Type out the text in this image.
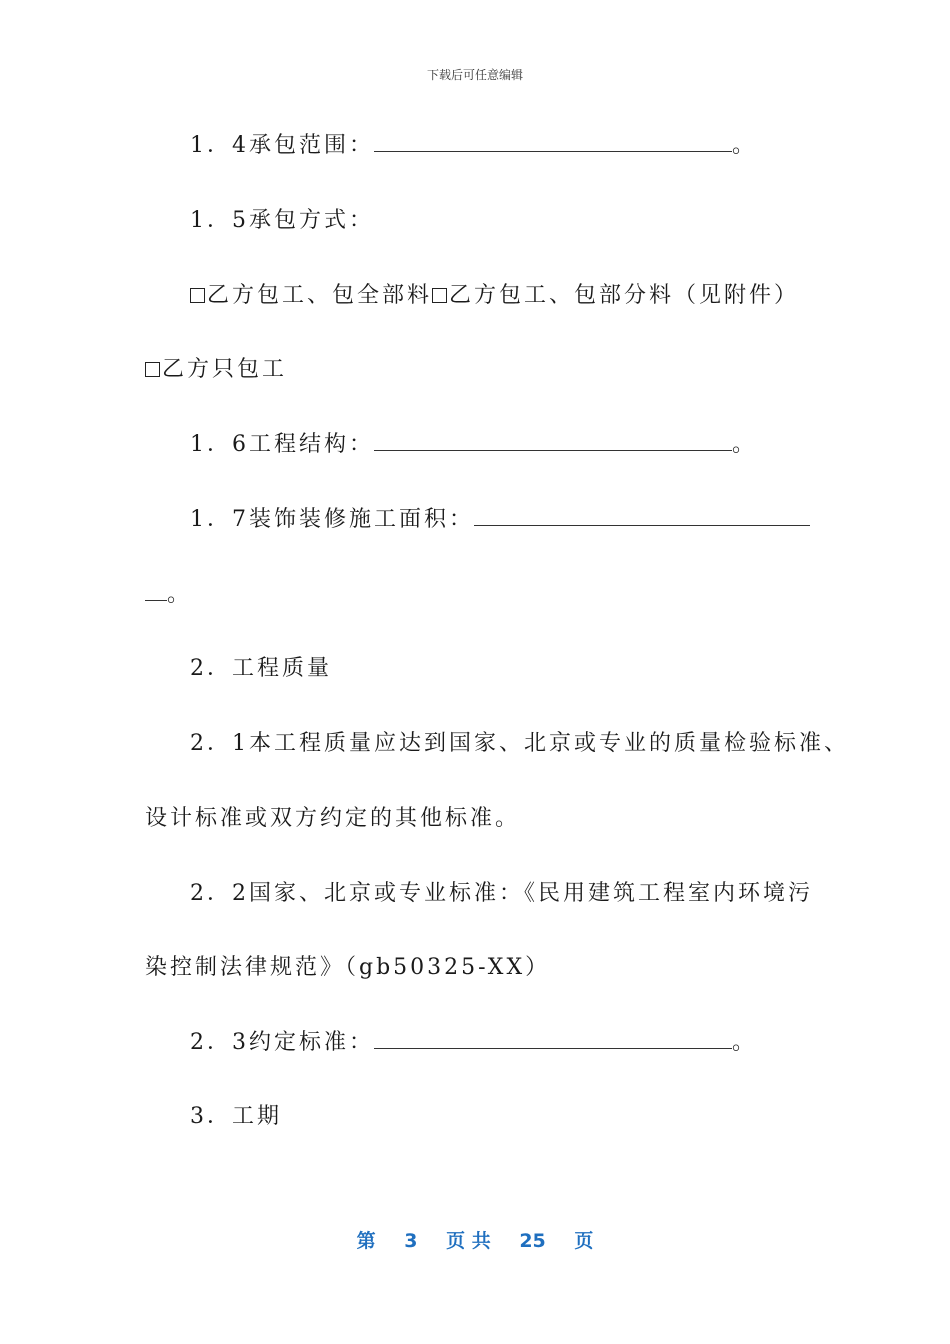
下载后可任意编辑
1．4承包范围：	。
1．5承包方式：
乙方包工、包全部料 乙方包工、包部分料（见附件）
乙方只包工
1．6工程结构：	。
1．7装饰装修施工面积：
。
2．工程质量
2．1本工程质量应达到国家、北京或专业的质量检验标准、
设计标准或双方约定的其他标准。
2．2国家、北京或专业标准：《民用建筑工程室内环境污
染控制法律规范》（gb50325-XX）
2．3约定标准：	。
3．工期
第 3 页 共 25 页
